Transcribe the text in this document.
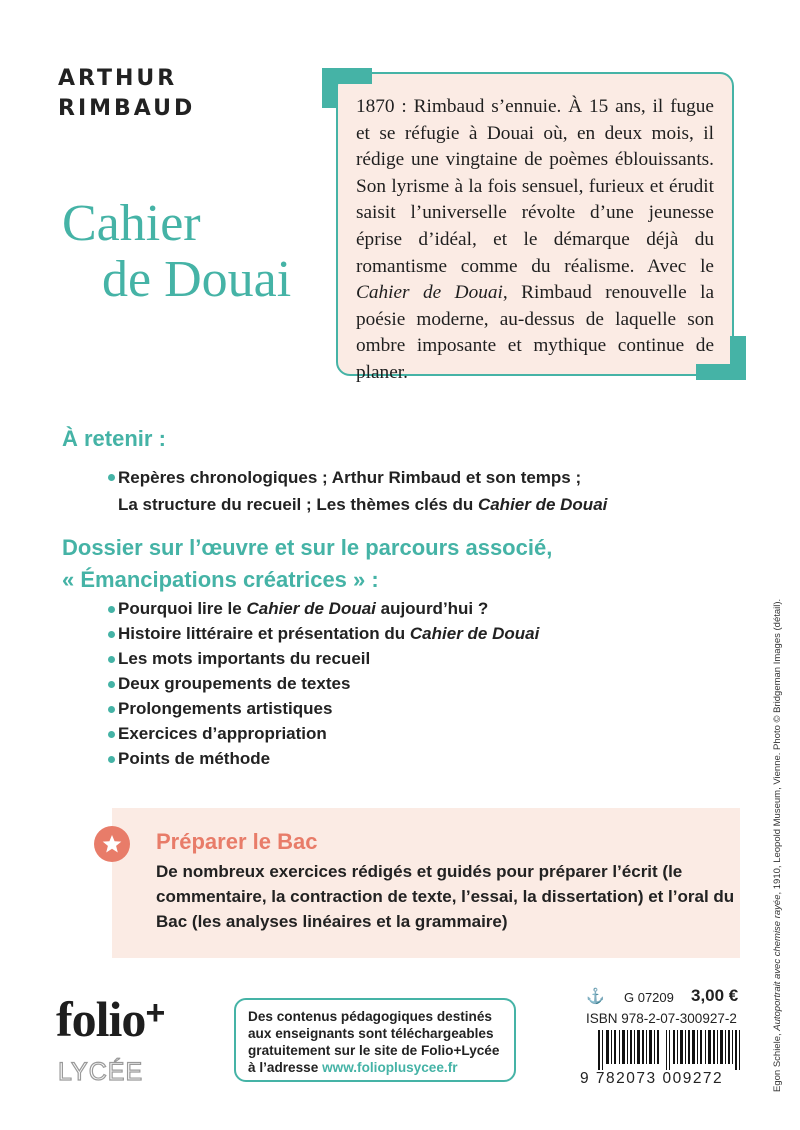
ARTHUR
RIMBAUD
Cahier
de Douai
1870 : Rimbaud s’ennuie. À 15 ans, il fugue et se réfugie à Douai où, en deux mois, il rédige une vingtaine de poèmes éblouissants. Son lyrisme à la fois sensuel, furieux et érudit saisit l’universelle révolte d’une jeunesse éprise d’idéal, et le démarque déjà du romantisme comme du réalisme. Avec le Cahier de Douai, Rimbaud renouvelle la poésie moderne, au-dessus de laquelle son ombre imposante et mythique continue de planer.
À retenir :
Repères chronologiques ; Arthur Rimbaud et son temps ;
La structure du recueil ; Les thèmes clés du Cahier de Douai
Dossier sur l’œuvre et sur le parcours associé,
« Émancipations créatrices » :
Pourquoi lire le Cahier de Douai aujourd’hui ?
Histoire littéraire et présentation du Cahier de Douai
Les mots importants du recueil
Deux groupements de textes
Prolongements artistiques
Exercices d’appropriation
Points de méthode
Préparer le Bac
De nombreux exercices rédigés et guidés pour préparer l’écrit (le commentaire, la contraction de texte, l’essai, la dissertation) et l’oral du Bac (les analyses linéaires et la grammaire)
folio+
LYCÉE
Des contenus pédagogiques destinés aux enseignants sont téléchargeables gratuitement sur le site de Folio+Lycée à l’adresse www.folioplusycee.fr
⚓ G 07209 3,00 €
ISBN 978-2-07-300927-2
9 782073 009272	Egon Schiele, Autoportrait avec chemise rayée, 1910, Leopold Museum, Vienne. Photo © Bridgeman Images (détail).
